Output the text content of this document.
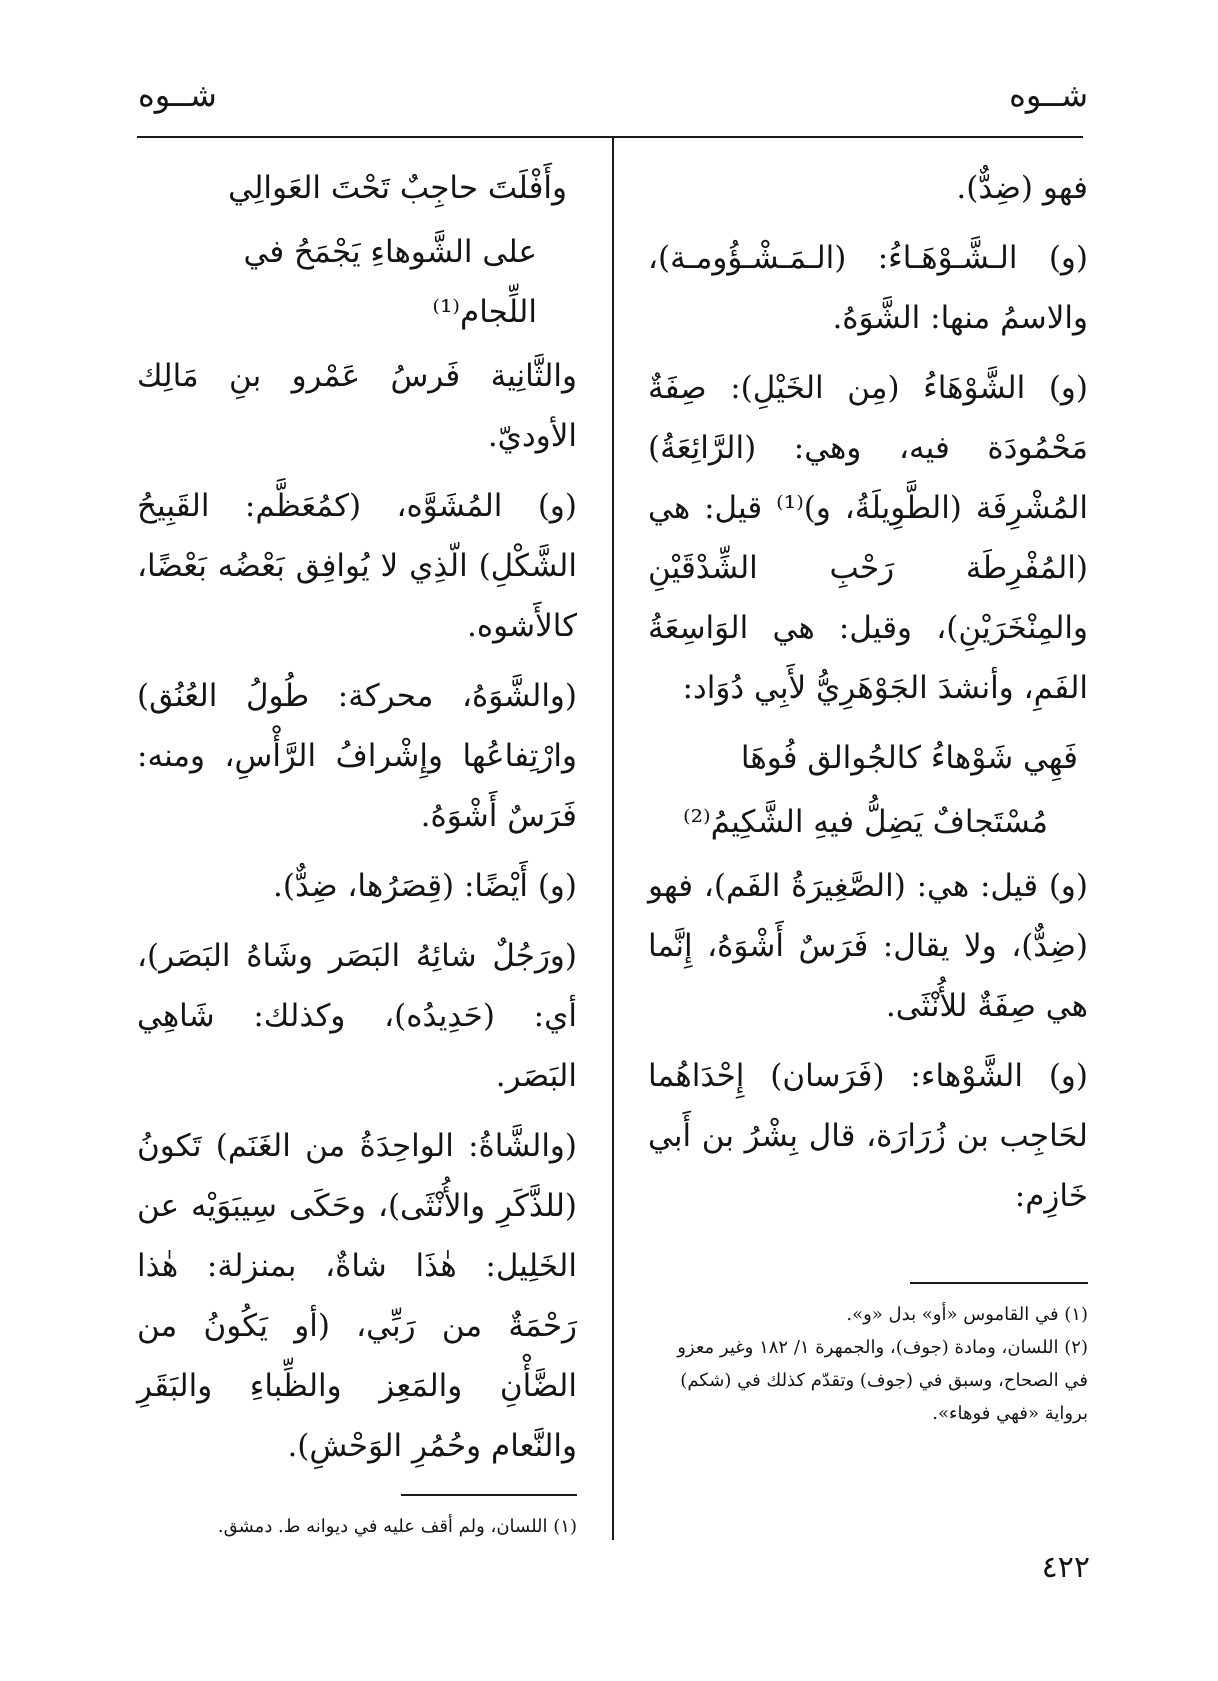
شــوه
شــوه

فهو (ضِدٌّ).

(و) الـشَّـوْهَـاءُ: (الـمَـشْـؤُومـة)، والاسمُ منها: الشَّوَهُ.

(و) الشَّوْهَاءُ (مِن الخَيْلِ): صِفَةٌ مَحْمُودَة فيه، وهي: (الرَّائِعَةُ) المُشْرِفَة (الطَّوِيلَةُ، و)⁽¹⁾ قيل: هي (المُفْرِطَة رَحْبِ الشِّدْقَيْنِ والمِنْخَرَيْنِ)، وقيل: هي الوَاسِعَةُ الفَمِ، وأنشدَ الجَوْهَرِيُّ لأَبِي دُوَاد:

فَهِي شَوْهاءُ كالجُوالق فُوهَا

مُسْتَجافٌ يَضِلُّ فيهِ الشَّكِيمُ⁽²⁾

(و) قيل: هي: (الصَّغِيرَةُ الفَم)، فهو (ضِدٌّ)، ولا يقال: فَرَسٌ أَشْوَهُ، إِنَّما هي صِفَةٌ للأُنْثَى.

(و) الشَّوْهاء: (فَرَسان) إِحْدَاهُما لحَاجِب بن زُرَارَة، قال بِشْرُ بن أَبي خَازِم:

(١) في القاموس «أو» بدل «و».

(٢) اللسان، ومادة (جوف)، والجمهرة ١/ ١٨٢ وغير معزو في الصحاح، وسبق في (جوف) وتقدّم كذلك في (شكم) برواية «فهي فوهاء».

وأَفْلَتَ حاجِبٌ تَحْتَ العَوالِي

على الشَّوهاءِ يَجْمَحُ في اللِّجام⁽¹⁾

والثَّانِية فَرسُ عَمْرو بنِ مَالِك الأوديّ.

(و) المُشَوَّه، (كمُعَظَّم: القَبِيحُ الشَّكْلِ) الّذِي لا يُوافِق بَعْضُه بَعْضًا، كالأَشوه.

(والشَّوَهُ، محركة: طُولُ العُنُق) وارْتِفاعُها وإِشْرافُ الرَّأْسِ، ومنه: فَرَسٌ أَشْوَهُ.

(و) أَيْضًا: (قِصَرُها، ضِدٌّ).

(ورَجُلٌ شائِهُ البَصَر وشَاهُ البَصَر)، أي: (حَدِيدُه)، وكذلك: شَاهِي البَصَر.

(والشَّاةُ: الواحِدَةُ من الغَنَم) تَكونُ (للذَّكَرِ والأُنْثَى)، وحَكَى سِيبَوَيْه عن الخَلِيل: هٰذَا شاةٌ، بمنزلة: هٰذا رَحْمَةٌ من رَبِّي، (أو يَكُونُ من الضَّأْنِ والمَعِز والظِّباءِ والبَقَرِ والنَّعام وحُمُرِ الوَحْشِ).

(١) اللسان، ولم أقف عليه في ديوانه ط. دمشق.

٤٢٢
